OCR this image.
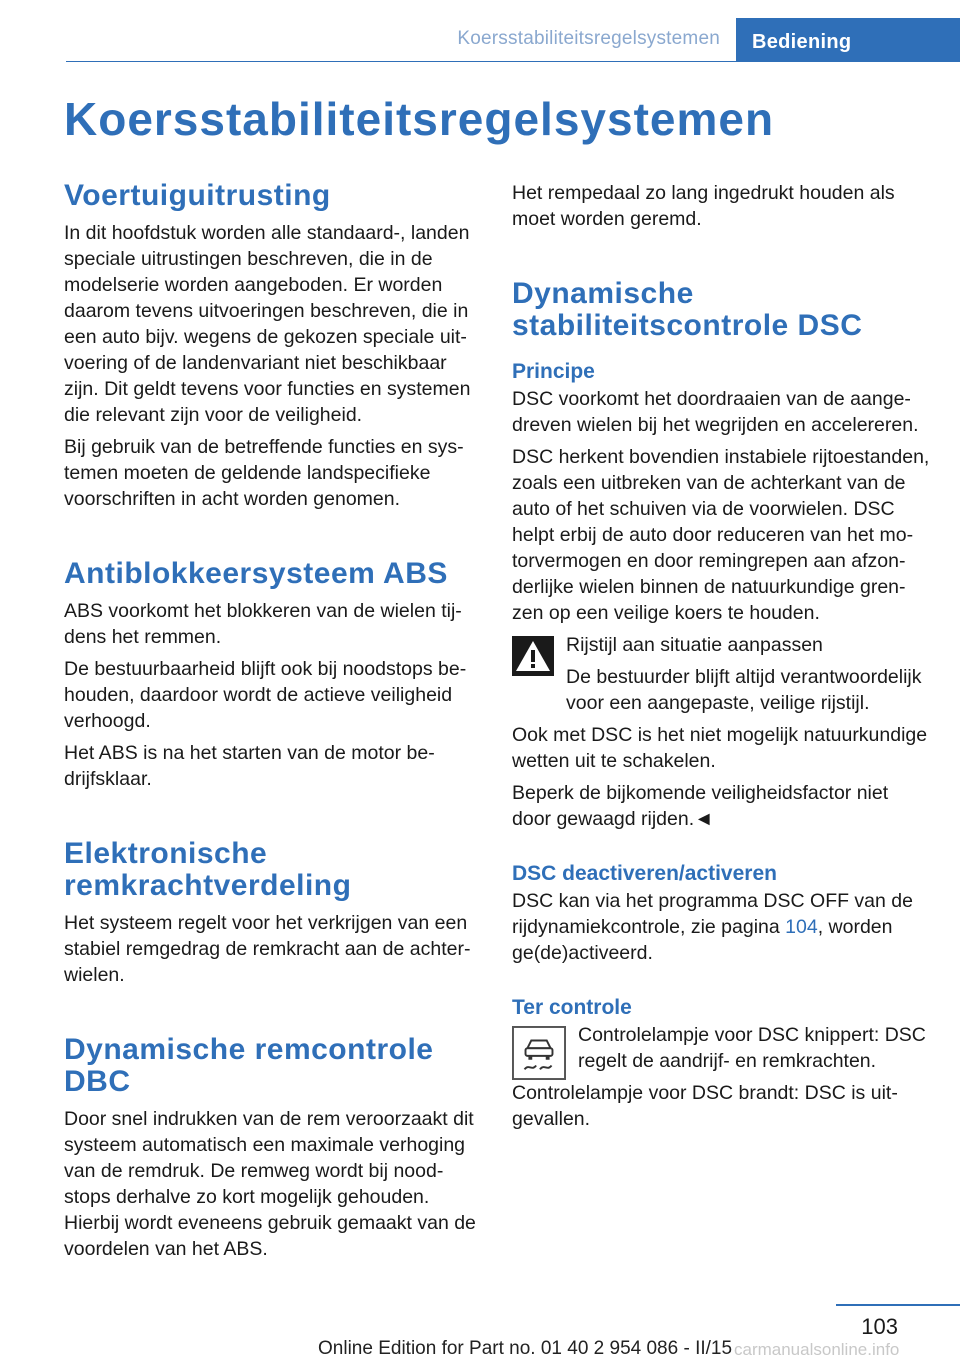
Koersstabiliteitsregelsystemen	Bediening
Koersstabiliteitsregelsystemen
Voertuiguitrusting

In dit hoofdstuk worden alle standaard-, landen speciale uitrustingen beschreven, die in de modelserie worden aangeboden. Er worden daarom tevens uitvoeringen beschreven, die in een auto bijv. wegens de gekozen speciale uitvoering of de landenvariant niet beschikbaar zijn. Dit geldt tevens voor functies en systemen die relevant zijn voor de veiligheid.

Bij gebruik van de betreffende functies en systemen moeten de geldende landspecifieke voorschriften in acht worden genomen.

Antiblokkeersysteem ABS

ABS voorkomt het blokkeren van de wielen tijdens het remmen.

De bestuurbaarheid blijft ook bij noodstops behouden, daardoor wordt de actieve veiligheid verhoogd.

Het ABS is na het starten van de motor bedrijfsklaar.

Elektronische remkrachtverdeling

Het systeem regelt voor het verkrijgen van een stabiel remgedrag de remkracht aan de achterwielen.

Dynamische remcontrole DBC

Door snel indrukken van de rem veroorzaakt dit systeem automatisch een maximale verhoging van de remdruk. De remweg wordt bij noodstops derhalve zo kort mogelijk gehouden. Hierbij wordt eveneens gebruik gemaakt van de voordelen van het ABS.

Het rempedaal zo lang ingedrukt houden als moet worden geremd.

Dynamische stabiliteitscontrole DSC
Principe

DSC voorkomt het doordraaien van de aangedreven wielen bij het wegrijden en accelereren.

DSC herkent bovendien instabiele rijtoestanden, zoals een uitbreken van de achterkant van de auto of het schuiven via de voorwielen. DSC helpt erbij de auto door reduceren van het motorvermogen en door remingrepen aan afzonderlijke wielen binnen de natuurkundige grenzen op een veilige koers te houden.

Rijstijl aan situatie aanpassen

De bestuurder blijft altijd verantwoordelijk voor een aangepaste, veilige rijstijl.

Ook met DSC is het niet mogelijk natuurkundige wetten uit te schakelen.

Beperk de bijkomende veiligheidsfactor niet door gewaagd rijden.◄

DSC deactiveren/activeren

DSC kan via het programma DSC OFF van de rijdynamiekcontrole, zie pagina 104, worden ge(de)activeerd.

Ter controle

Controlelampje voor DSC knippert: DSC regelt de aandrijf- en remkrachten.

Controlelampje voor DSC brandt: DSC is uitgevallen.

103
Online Edition for Part no. 01 40 2 954 086 - II/15 carmanualsonline.info
